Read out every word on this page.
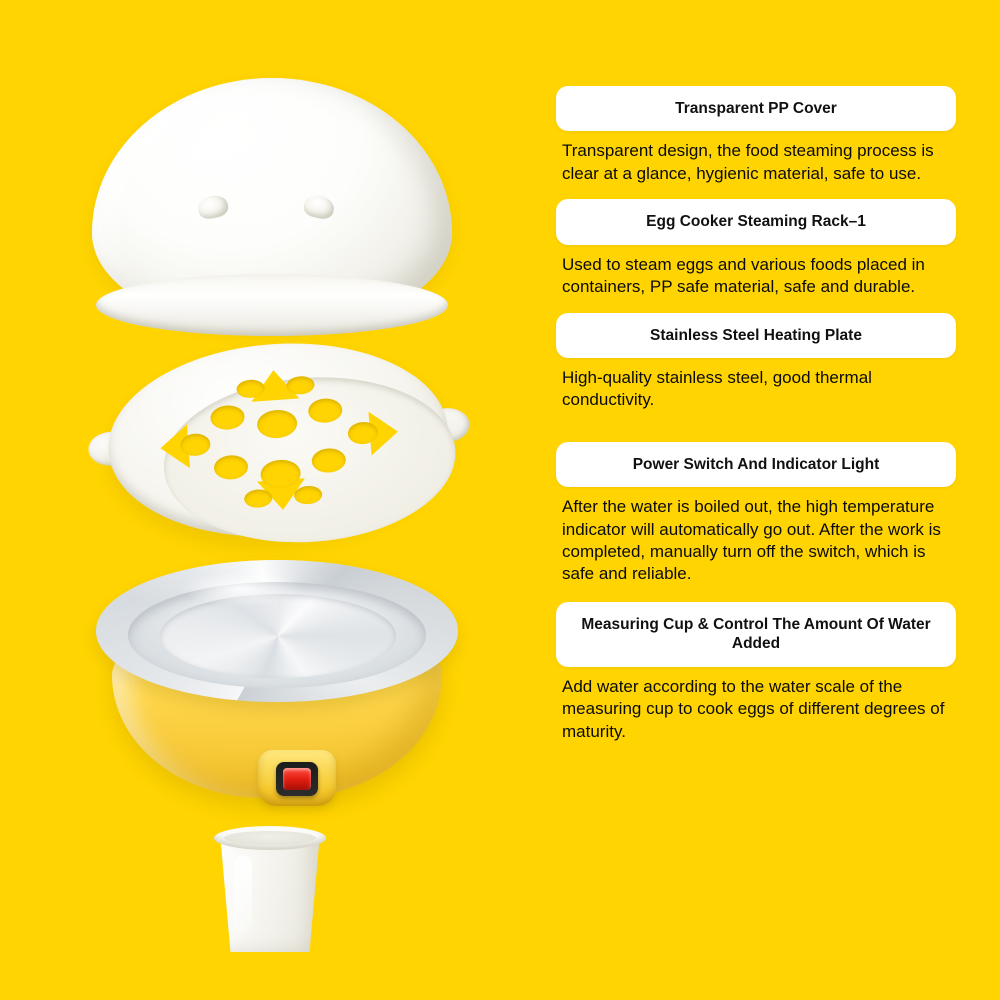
Transparent PP Cover
Transparent design, the food steaming process is clear at a glance, hygienic material, safe to use.
Egg Cooker Steaming Rack–1
Used to steam eggs and various foods placed in containers, PP safe material, safe and durable.
Stainless Steel Heating Plate
High-quality stainless steel, good thermal conductivity.
Power Switch And Indicator Light
After the water is boiled out, the high temperature indicator will automatically go out. After the work is completed, manually turn off the switch, which is safe and reliable.
Measuring Cup & Control The Amount Of Water Added
Add water according to the water scale of the measuring cup to cook eggs of different degrees of maturity.
